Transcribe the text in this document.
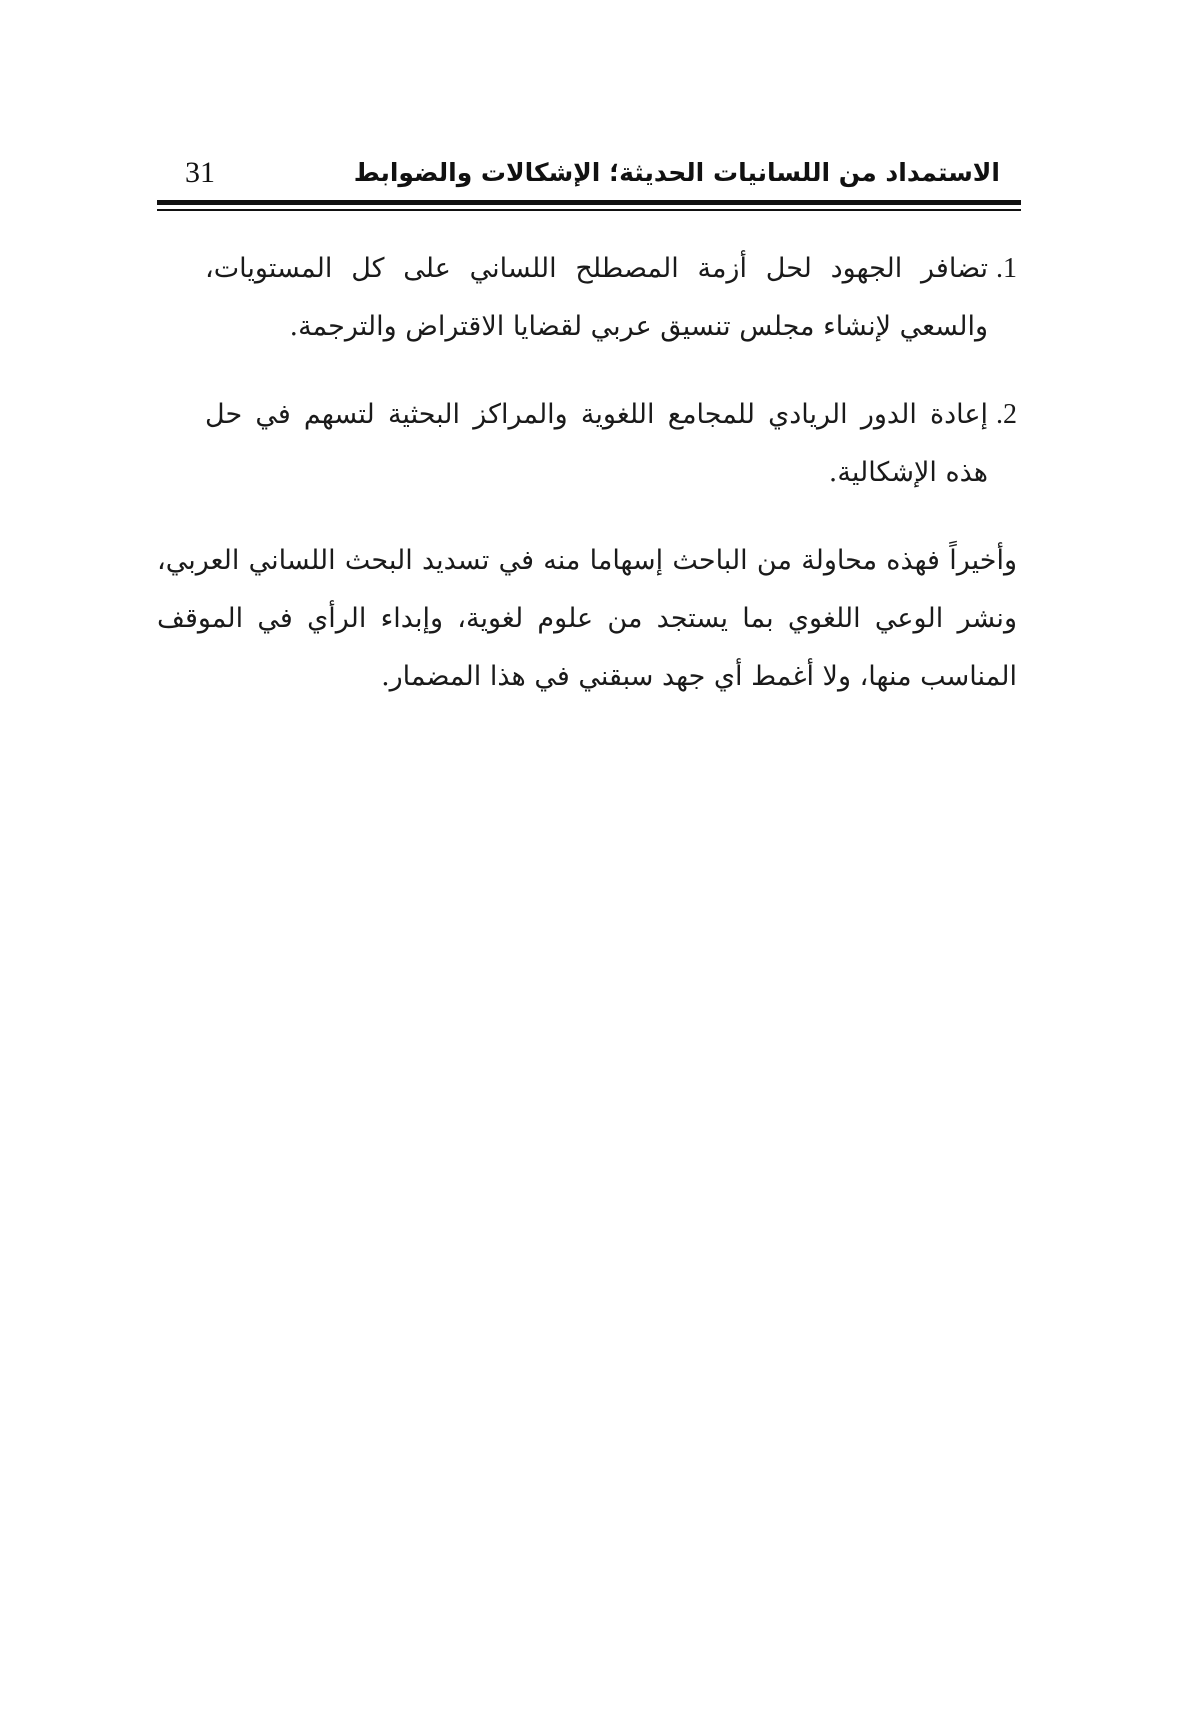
الاستمداد من اللسانيات الحديثة؛ الإشكالات والضوابط
31
1.
تضافر الجهود لحل أزمة المصطلح اللساني على كل المستويات، والسعي لإنشاء مجلس تنسيق عربي لقضايا الاقتراض والترجمة.
2.
إعادة الدور الريادي للمجامع اللغوية والمراكز البحثية لتسهم في حل هذه الإشكالية.

وأخيراً فهذه محاولة من الباحث إسهاما منه في تسديد البحث اللساني العربي، ونشر الوعي اللغوي بما يستجد من علوم لغوية، وإبداء الرأي في الموقف المناسب منها، ولا أغمط أي جهد سبقني في هذا المضمار.
